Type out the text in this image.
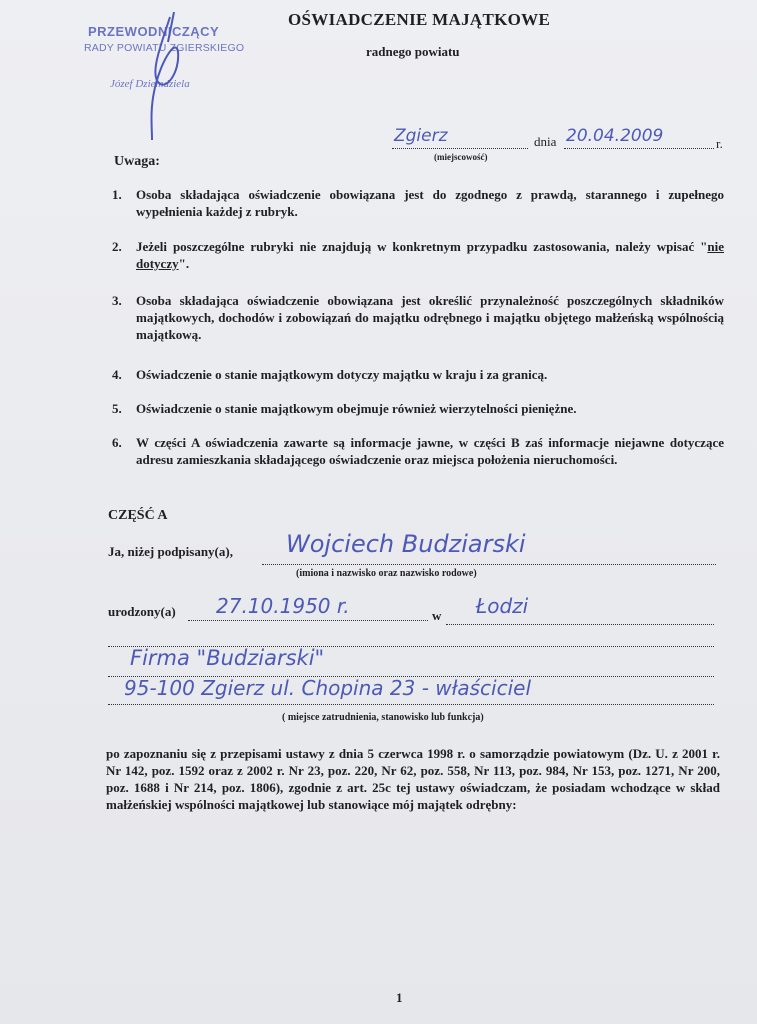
PRZEWODNICZĄCY
RADY POWIATU ZGIERSKIEGO
Józef Dziemdziela
OŚWIADCZENIE MAJĄTKOWE
radnego powiatu
Zgierz
(miejscowość)
dnia 20.04.2009	r.
Uwaga:
1. Osoba składająca oświadczenie obowiązana jest do zgodnego z prawdą, starannego i zupełnego wypełnienia każdej z rubryk.
2. Jeżeli poszczególne rubryki nie znajdują w konkretnym przypadku zastosowania, należy wpisać "nie dotyczy".
3. Osoba składająca oświadczenie obowiązana jest określić przynależność poszczególnych składników majątkowych, dochodów i zobowiązań do majątku odrębnego i majątku objętego małżeńską wspólnością majątkową.
4. Oświadczenie o stanie majątkowym dotyczy majątku w kraju i za granicą.
5. Oświadczenie o stanie majątkowym obejmuje również wierzytelności pieniężne.
6. W części A oświadczenia zawarte są informacje jawne, w części B zaś informacje niejawne dotyczące adresu zamieszkania składającego oświadczenie oraz miejsca położenia nieruchomości.
CZĘŚĆ A
Ja, niżej podpisany(a), Wojciech Budziarski
(imiona i nazwisko oraz nazwisko rodowe)
urodzony(a) 27.10.1950 r.	w Łodzi
Firma "Budziarski"
95-100 Zgierz ul. Chopina 23 - właściciel
( miejsce zatrudnienia, stanowisko lub funkcja)
po zapoznaniu się z przepisami ustawy z dnia 5 czerwca 1998 r. o samorządzie powiatowym (Dz. U. z 2001 r. Nr 142, poz. 1592 oraz z 2002 r. Nr 23, poz. 220, Nr 62, poz. 558, Nr 113, poz. 984, Nr 153, poz. 1271, Nr 200, poz. 1688 i Nr 214, poz. 1806), zgodnie z art. 25c tej ustawy oświadczam, że posiadam wchodzące w skład małżeńskiej wspólności majątkowej lub stanowiące mój majątek odrębny:
1
